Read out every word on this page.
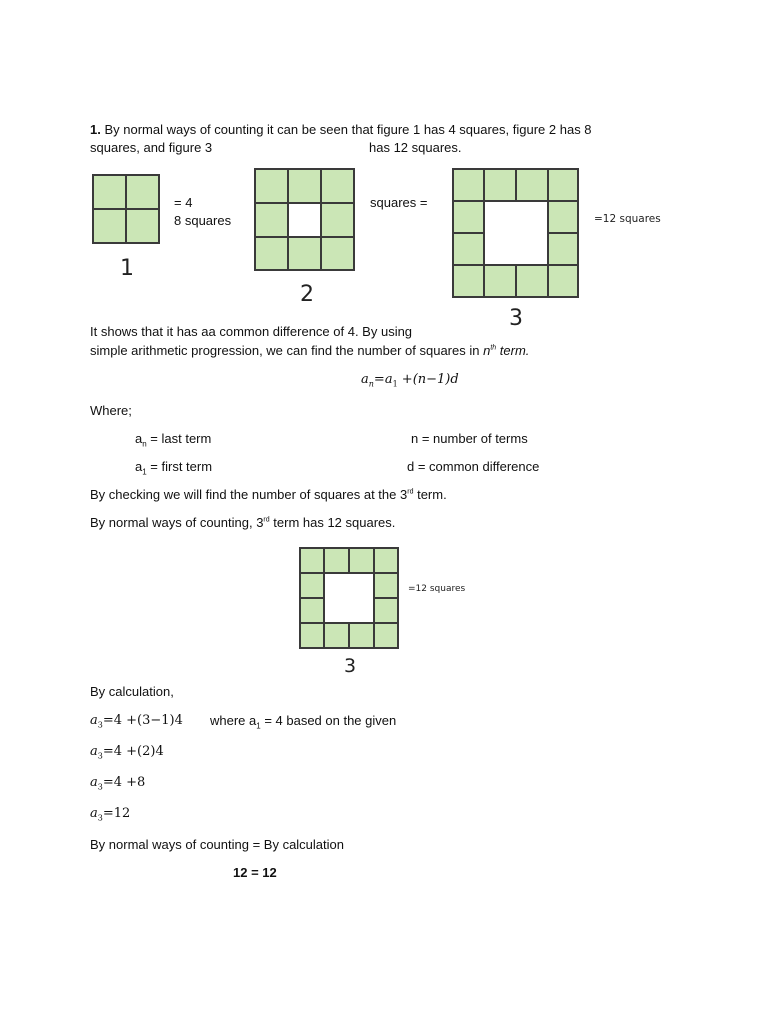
1. By normal ways of counting it can be seen that figure 1 has 4 squares, figure 2 has 8
squares, and figure 3	has 12 squares.
1
= 4
8 squares
2
squares =
3
=12 squares
It shows that it has aa common difference of 4. By using
simple arithmetic progression, we can find the number of squares in $n^{th}$ term.
$a_n=a_1 +(n-1)d$
Where;
$a_n$ = last term	n = number of terms
$a_1$ = first term	d = common difference
By checking we will find the number of squares at the 3rd term.
By normal ways of counting, 3rd term has 12 squares.
3
=12 squares
By calculation,
$a_3=4 +(3-1)4$ where $a_1 = 4$ based on the given
$a_3=4 +(2)4$
$a_3=4 +8$
$a_3=12$
By normal ways of counting = By calculation
12 = 12
